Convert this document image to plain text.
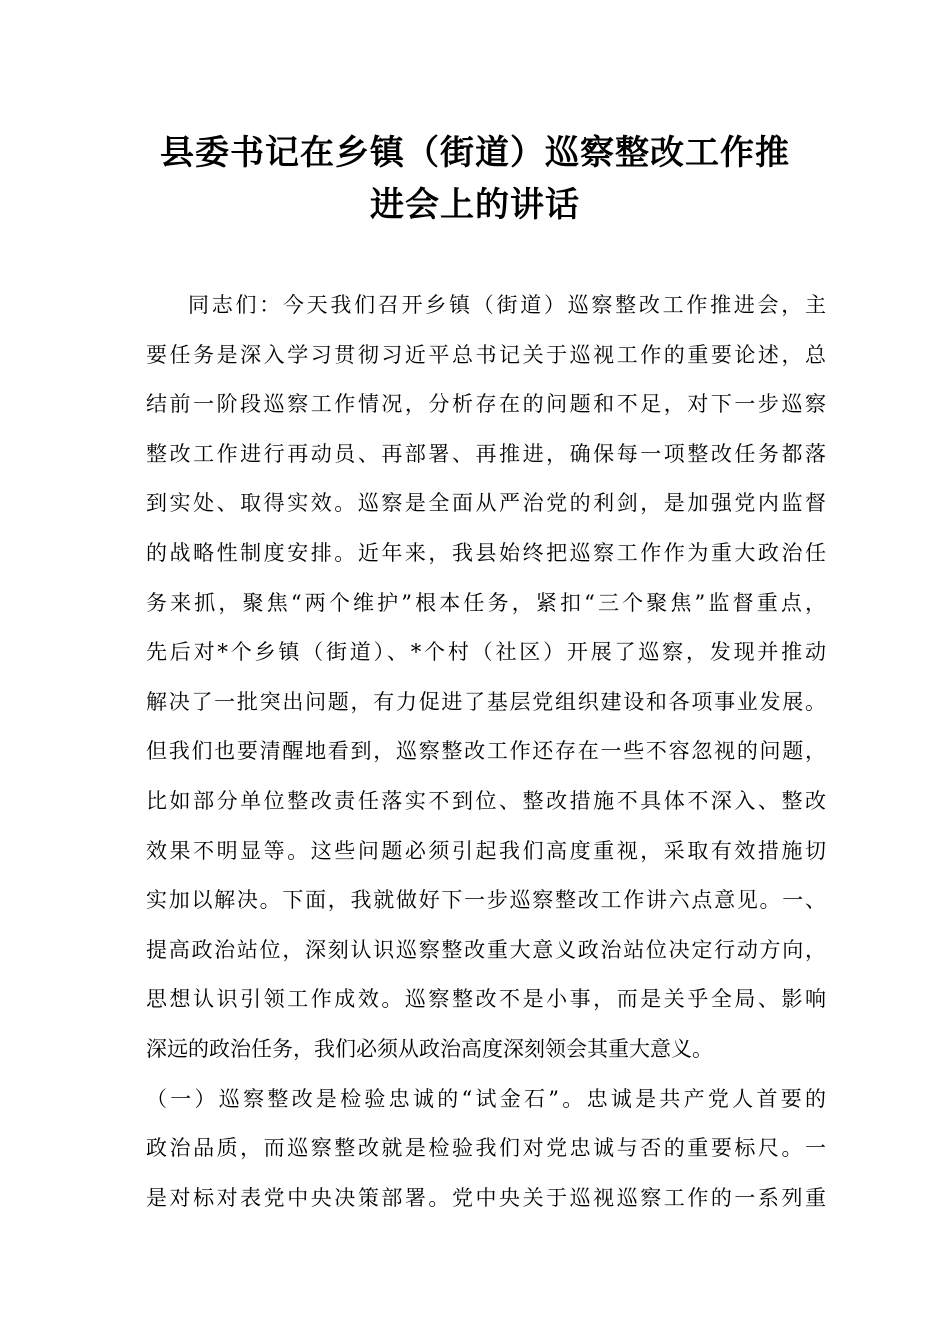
县委书记在乡镇（街道）巡察整改工作推
进会上的讲话
同志们：今天我们召开乡镇（街道）巡察整改工作推进会，主
要任务是深入学习贯彻习近平总书记关于巡视工作的重要论述，总
结前一阶段巡察工作情况，分析存在的问题和不足，对下一步巡察
整改工作进行再动员、再部署、再推进，确保每一项整改任务都落
到实处、取得实效。巡察是全面从严治党的利剑，是加强党内监督
的战略性制度安排。近年来，我县始终把巡察工作作为重大政治任
务来抓，聚焦“两个维护”根本任务，紧扣“三个聚焦”监督重点，
先后对*个乡镇（街道）、*个村（社区）开展了巡察，发现并推动
解决了一批突出问题，有力促进了基层党组织建设和各项事业发展。
但我们也要清醒地看到，巡察整改工作还存在一些不容忽视的问题，
比如部分单位整改责任落实不到位、整改措施不具体不深入、整改
效果不明显等。这些问题必须引起我们高度重视，采取有效措施切
实加以解决。下面，我就做好下一步巡察整改工作讲六点意见。一、
提高政治站位，深刻认识巡察整改重大意义政治站位决定行动方向，
思想认识引领工作成效。巡察整改不是小事，而是关乎全局、影响
深远的政治任务，我们必须从政治高度深刻领会其重大意义。
（一）巡察整改是检验忠诚的“试金石”。忠诚是共产党人首要的
政治品质，而巡察整改就是检验我们对党忠诚与否的重要标尺。一
是对标对表党中央决策部署。党中央关于巡视巡察工作的一系列重
